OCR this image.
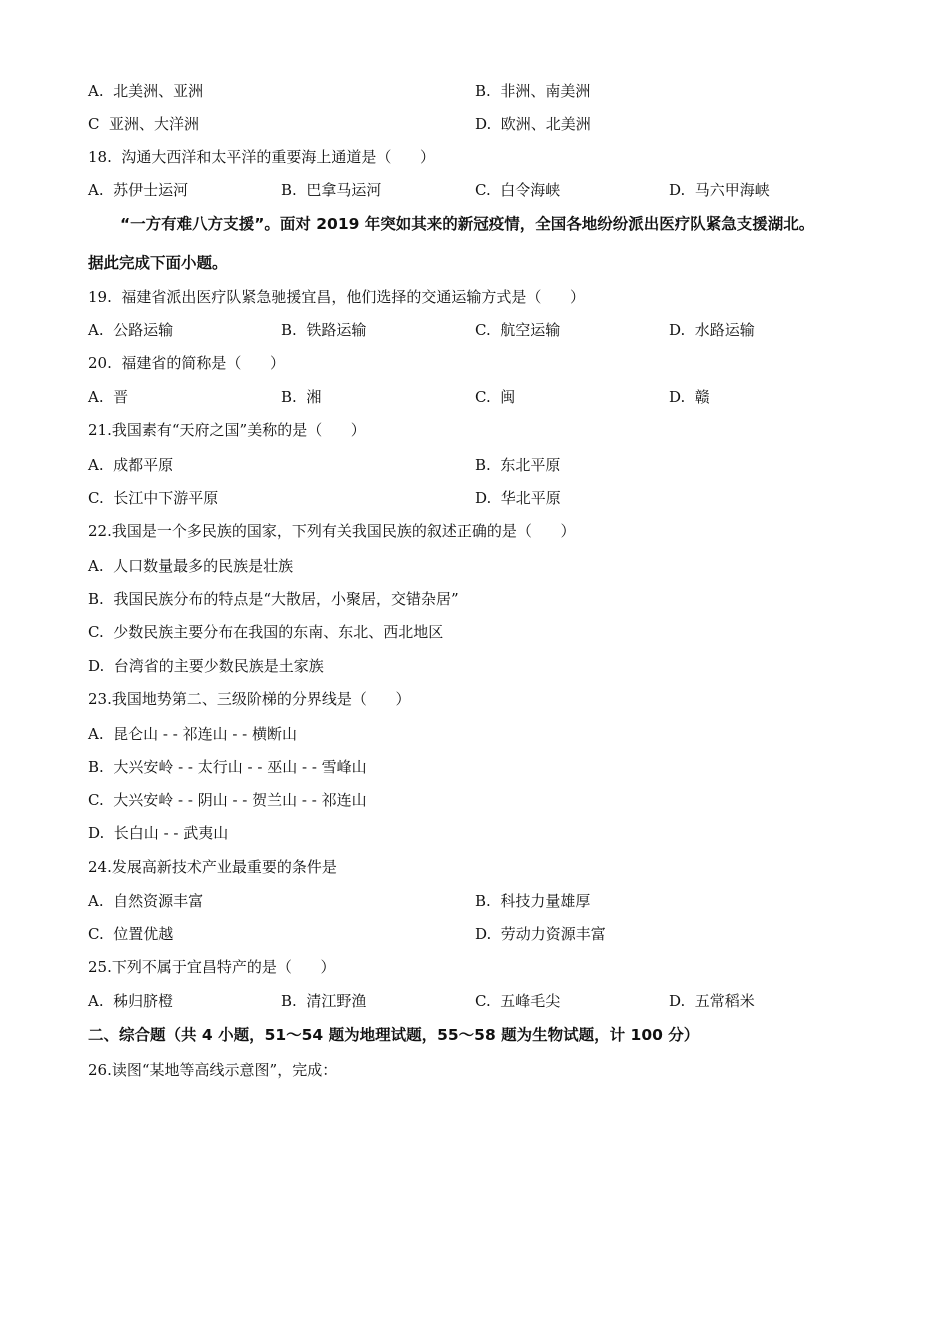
A.  北美洲、亚洲	B.  非洲、南美洲
C  亚洲、大洋洲	D.  欧洲、北美洲
18.  沟通大西洋和太平洋的重要海上通道是（      ）
A.  苏伊士运河	B.  巴拿马运河	C.  白令海峡	D.  马六甲海峡
“一方有难八方支援”。面对 2019 年突如其来的新冠疫情，全国各地纷纷派出医疗队紧急支援湖北。
据此完成下面小题。
19.  福建省派出医疗队紧急驰援宜昌，他们选择的交通运输方式是（      ）
A.  公路运输	B.  铁路运输	C.  航空运输	D.  水路运输
20.  福建省的简称是（      ）
A.  晋	B.  湘	C.  闽	D.  赣
21.我国素有“天府之国”美称的是（      ）
A.  成都平原	B.  东北平原
C.  长江中下游平原	D.  华北平原
22.我国是一个多民族的国家，下列有关我国民族的叙述正确的是（      ）
A.  人口数量最多的民族是壮族
B.  我国民族分布的特点是“大散居，小聚居，交错杂居”
C.  少数民族主要分布在我国的东南、东北、西北地区
D.  台湾省的主要少数民族是土家族
23.我国地势第二、三级阶梯的分界线是（      ）
A.  昆仑山 - - 祁连山 - - 横断山
B.  大兴安岭 - - 太行山 - - 巫山 - - 雪峰山
C.  大兴安岭 - - 阴山 - - 贺兰山 - - 祁连山
D.  长白山 - - 武夷山
24.发展高新技术产业最重要的条件是
A.  自然资源丰富	B.  科技力量雄厚
C.  位置优越	D.  劳动力资源丰富
25.下列不属于宜昌特产的是（      ）
A.  秭归脐橙	B.  清江野渔	C.  五峰毛尖	D.  五常稻米
二、综合题（共 4 小题，51～54 题为地理试题，55～58 题为生物试题，计 100 分）
26.读图“某地等高线示意图”，完成：
